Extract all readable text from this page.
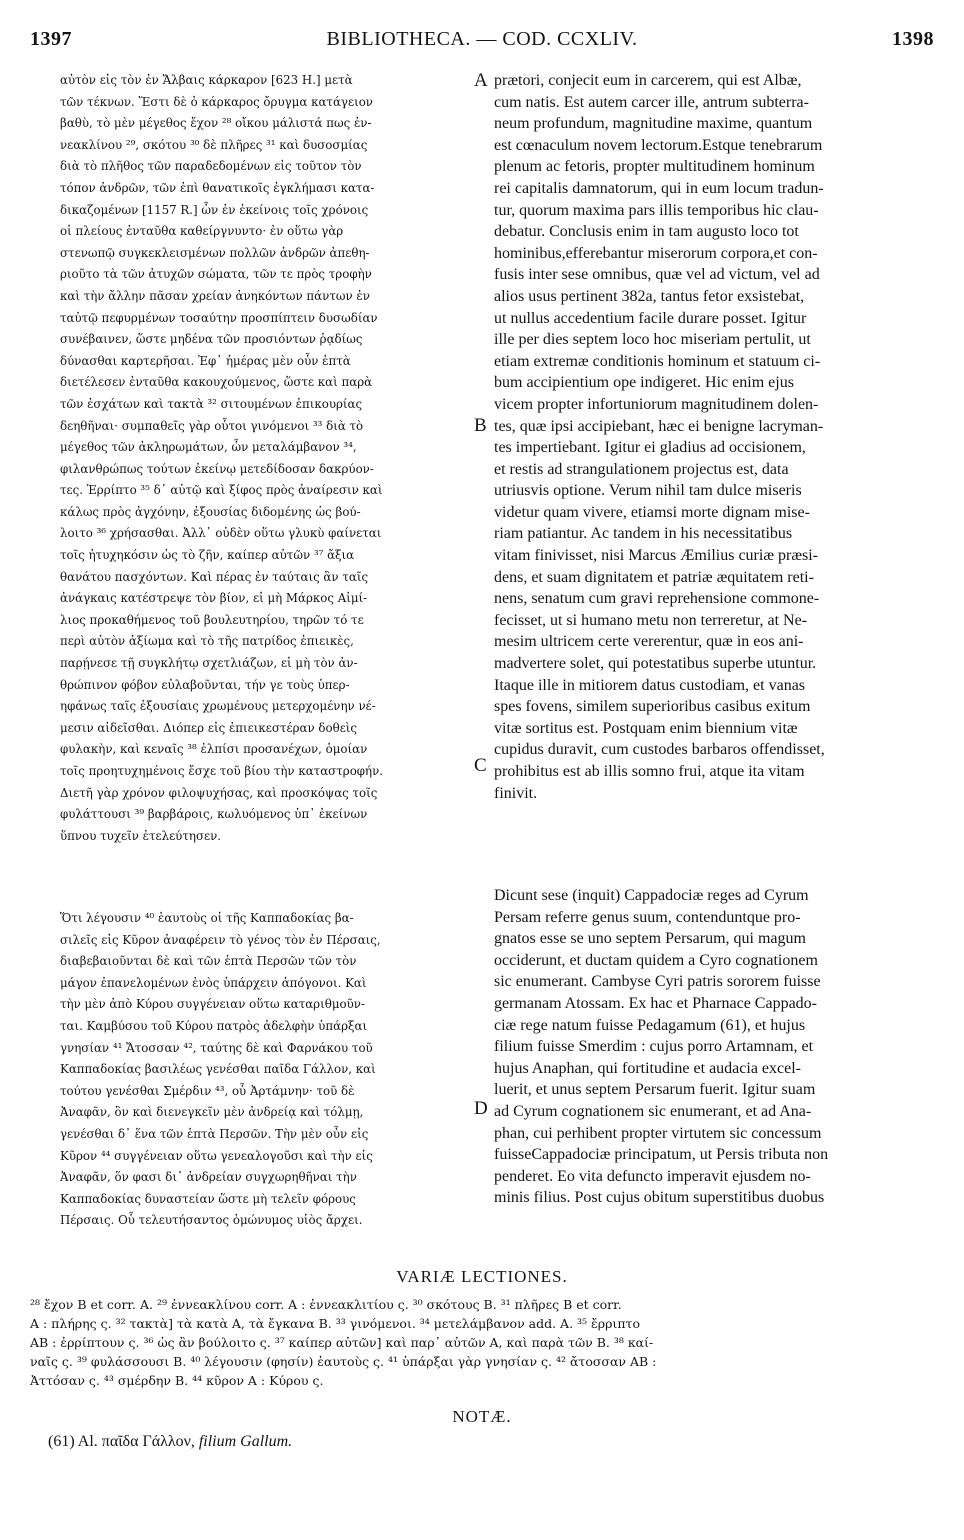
1397	BIBLIOTHECA. — COD. CCXLIV.	1398
αὐτὸν εἰς τὸν ἐν Ἄλβαις κάρκαρον [623 H.] μετὰ
τῶν τέκνων. Ἔστι δὲ ὁ κάρκαρος ὄρυγμα κατάγειον
βαθὺ, τὸ μὲν μέγεθος ἔχον ²⁸ οἴκου μάλιστά πως ἐν-
νεακλίνου ²⁹, σκότου ³⁰ δὲ πλῆρες ³¹ καὶ δυσοσμίας
διὰ τὸ πλῆθος τῶν παραδεδομένων εἰς τοῦτον τὸν
τόπον ἀνδρῶν, τῶν ἐπὶ θανατικοῖς ἐγκλήμασι κατα-
δικαζομένων [1157 R.] ὧν ἐν ἐκείνοις τοῖς χρόνοις
οἱ πλείους ἐνταῦθα καθείργνυντο· ἐν οὕτω γὰρ
στενωπῷ συγκεκλεισμένων πολλῶν ἀνδρῶν ἀπεθη-
ριοῦτο τὰ τῶν ἀτυχῶν σώματα, τῶν τε πρὸς τροφὴν
καὶ τὴν ἄλλην πᾶσαν χρείαν ἀνηκόντων πάντων ἐν
ταὐτῷ πεφυρμένων τοσαύτην προσπίπτειν δυσωδίαν
συνέβαινεν, ὥστε μηδένα τῶν προσιόντων ῥᾳδίως
δύνασθαι καρτερῆσαι. Ἐφ᾽ ἡμέρας μὲν οὖν ἑπτὰ
διετέλεσεν ἐνταῦθα κακουχούμενος, ὥστε καὶ παρὰ
τῶν ἐσχάτων καὶ τακτὰ ³² σιτουμένων ἐπικουρίας
δεηθῆναι· συμπαθεῖς γὰρ οὗτοι γινόμενοι ³³ διὰ τὸ
μέγεθος τῶν ἀκληρωμάτων, ὧν μεταλάμβανον ³⁴,
φιλανθρώπως τούτων ἐκείνῳ μετεδίδοσαν δακρύον-
τες. Ἐρρίπτο ³⁵ δ᾽ αὐτῷ καὶ ξίφος πρὸς ἀναίρεσιν καὶ
κάλως πρὸς ἀγχόνην, ἐξουσίας διδομένης ὡς βού-
λοιτο ³⁶ χρήσασθαι. Ἀλλ᾽ οὐδὲν οὕτω γλυκὺ φαίνεται
τοῖς ἠτυχηκόσιν ὡς τὸ ζῆν, καίπερ αὐτῶν ³⁷ ἄξια
θανάτου πασχόντων. Καὶ πέρας ἐν ταύταις ἂν ταῖς
ἀνάγκαις κατέστρεψε τὸν βίον, εἰ μὴ Μάρκος Αἰμί-
λιος προκαθήμενος τοῦ βουλευτηρίου, τηρῶν τό τε
περὶ αὐτὸν ἀξίωμα καὶ τὸ τῆς πατρίδος ἐπιεικὲς,
παρῄνεσε τῇ συγκλήτῳ σχετλιάζων, εἰ μὴ τὸν ἀν-
θρώπινον φόβον εὐλαβοῦνται, τήν γε τοὺς ὑπερ-
ηφάνως ταῖς ἐξουσίαις χρωμένους μετερχομένην νέ-
μεσιν αἰδεῖσθαι. Διόπερ εἰς ἐπιεικεστέραν δοθεὶς
φυλακὴν, καὶ κεναῖς ³⁸ ἐλπίσι προσανέχων, ὁμοίαν
τοῖς προητυχημένοις ἔσχε τοῦ βίου τὴν καταστροφήν.
Διετῆ γὰρ χρόνον φιλοψυχήσας, καὶ προσκόψας τοῖς
φυλάττουσι ³⁹ βαρβάροις, κωλυόμενος ὑπ᾽ ἐκείνων
ὕπνου τυχεῖν ἐτελεύτησεν.
Ὅτι λέγουσιν ⁴⁰ ἑαυτοὺς οἱ τῆς Καππαδοκίας βα-
σιλεῖς εἰς Κῦρον ἀναφέρειν τὸ γένος τὸν ἐν Πέρσαις,
διαβεβαιοῦνται δὲ καὶ τῶν ἑπτὰ Περσῶν τῶν τὸν
μάγον ἐπανελομένων ἑνὸς ὑπάρχειν ἀπόγονοι. Καὶ
τὴν μὲν ἀπὸ Κύρου συγγένειαν οὕτω καταριθμοῦν-
ται. Καμβύσου τοῦ Κύρου πατρὸς ἀδελφὴν ὑπάρξαι
γνησίαν ⁴¹ Ἄτοσσαν ⁴², ταύτης δὲ καὶ Φαρνάκου τοῦ
Καππαδοκίας βασιλέως γενέσθαι παῖδα Γάλλον, καὶ
τούτου γενέσθαι Σμέρδιν ⁴³, οὗ Ἀρτάμνην· τοῦ δὲ
Ἀναφᾶν, ὃν καὶ διενεγκεῖν μὲν ἀνδρείᾳ καὶ τόλμῃ,
γενέσθαι δ᾽ ἕνα τῶν ἑπτὰ Περσῶν. Τὴν μὲν οὖν εἰς
Κῦρον ⁴⁴ συγγένειαν οὕτω γενεαλογοῦσι καὶ τὴν εἰς
Ἀναφᾶν, ὅν φασι δι᾽ ἀνδρείαν συγχωρηθῆναι τὴν
Καππαδοκίας δυναστείαν ὥστε μὴ τελεῖν φόρους
Πέρσαις. Οὗ τελευτήσαντος ὁμώνυμος υἱὸς ἄρχει.
prætori, conjecit eum in carcerem, qui est Albæ,
cum natis. Est autem carcer ille, antrum subterra-
neum profundum, magnitudine maxime, quantum
est cœnaculum novem lectorum.Estque tenebrarum
plenum ac fetoris, propter multitudinem hominum
rei capitalis damnatorum, qui in eum locum tradun-
tur, quorum maxima pars illis temporibus hic clau-
debatur. Conclusis enim in tam augusto loco tot
hominibus,efferebantur miserorum corpora,et con-
fusis inter sese omnibus, quæ vel ad victum, vel ad
alios usus pertinent 382a, tantus fetor exsistebat,
ut nullus accedentium facile durare posset. Igitur
ille per dies septem loco hoc miseriam pertulit, ut
etiam extremæ conditionis hominum et statuum ci-
bum accipientium ope indigeret. Hic enim ejus
vicem propter infortuniorum magnitudinem dolen-
tes, quæ ipsi accipiebant, hæc ei benigne lacryman-
tes impertiebant. Igitur ei gladius ad occisionem,
et restis ad strangulationem projectus est, data
utriusvis optione. Verum nihil tam dulce miseris
videtur quam vivere, etiamsi morte dignam mise-
riam patiantur. Ac tandem in his necessitatibus
vitam finivisset, nisi Marcus Æmilius curiæ præsi-
dens, et suam dignitatem et patriæ æquitatem reti-
nens, senatum cum gravi reprehensione commone-
fecisset, ut si humano metu non terreretur, at Ne-
mesim ultricem certe vererentur, quæ in eos ani-
madvertere solet, qui potestatibus superbe utuntur.
Itaque ille in mitiorem datus custodiam, et vanas
spes fovens, similem superioribus casibus exitum
vitæ sortitus est. Postquam enim biennium vitæ
cupidus duravit, cum custodes barbaros offendisset,
prohibitus est ab illis somno frui, atque ita vitam
finivit.
Dicunt sese (inquit) Cappadociæ reges ad Cyrum
Persam referre genus suum, contenduntque pro-
gnatos esse se uno septem Persarum, qui magum
occiderunt, et ductam quidem a Cyro cognationem
sic enumerant. Cambyse Cyri patris sororem fuisse
germanam Atossam. Ex hac et Pharnace Cappado-
ciæ rege natum fuisse Pedagamum (61), et hujus
filium fuisse Smerdim : cujus porro Artamnam, et
hujus Anaphan, qui fortitudine et audacia excel-
luerit, et unus septem Persarum fuerit. Igitur suam
ad Cyrum cognationem sic enumerant, et ad Ana-
phan, cui perhibent propter virtutem sic concessum
fuisseCappadociæ principatum, ut Persis tributa non
penderet. Eo vita defuncto imperavit ejusdem no-
minis filius. Post cujus obitum superstitibus duobus
A
B
C
D
VARIÆ LECTIONES.
²⁸ ἔχον B et corr. A. ²⁹ ἐννεακλίνου corr. A : ἐννεακλιτίου ς. ³⁰ σκότους B. ³¹ πλῆρες B et corr.
A : πλήρης ς. ³² τακτὰ] τὰ κατὰ A, τὰ ἔγκανα B. ³³ γινόμενοι. ³⁴ μετελάμβανον add. A. ³⁵ ἔρριπτο
AB : ἐρρίπτουν ς. ³⁶ ὡς ἂν βούλοιτο ς. ³⁷ καίπερ αὐτῶν] καὶ παρ᾽ αὐτῶν A, καὶ παρὰ τῶν B. ³⁸ καί-
ναῖς ς. ³⁹ φυλάσσουσι B. ⁴⁰ λέγουσιν (φησίν) ἑαυτοὺς ς. ⁴¹ ὑπάρξαι γὰρ γνησίαν ς. ⁴² ἄτοσσαν AB :
Ἀττόσαν ς. ⁴³ σμέρδην B. ⁴⁴ κῦρον A : Κύρου ς.
NOTÆ.
(61) Al. παῖδα Γάλλον, filium Gallum.
